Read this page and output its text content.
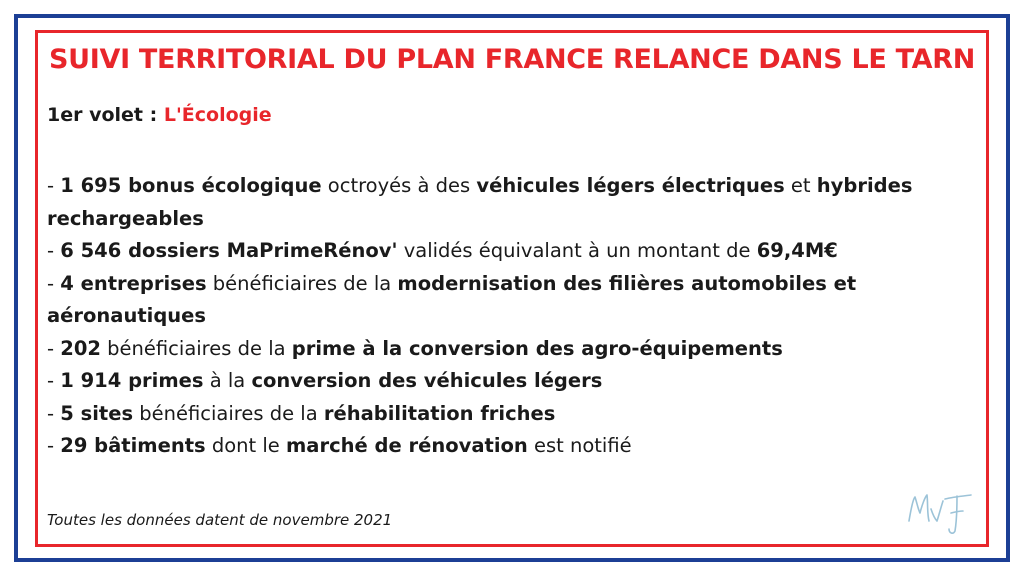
SUIVI TERRITORIAL DU PLAN FRANCE RELANCE DANS LE TARN

1er volet : L'Écologie

- 1 695 bonus écologique octroyés à des véhicules légers électriques et hybrides rechargeables
- 6 546 dossiers MaPrimeRénov' validés équivalant à un montant de 69,4M€
- 4 entreprises bénéficiaires de la modernisation des filières automobiles et aéronautiques
- 202 bénéficiaires de la prime à la conversion des agro-équipements
- 1 914 primes à la conversion des véhicules légers
- 5 sites bénéficiaires de la réhabilitation friches
- 29 bâtiments dont le marché de rénovation est notifié

Toutes les données datent de novembre 2021
